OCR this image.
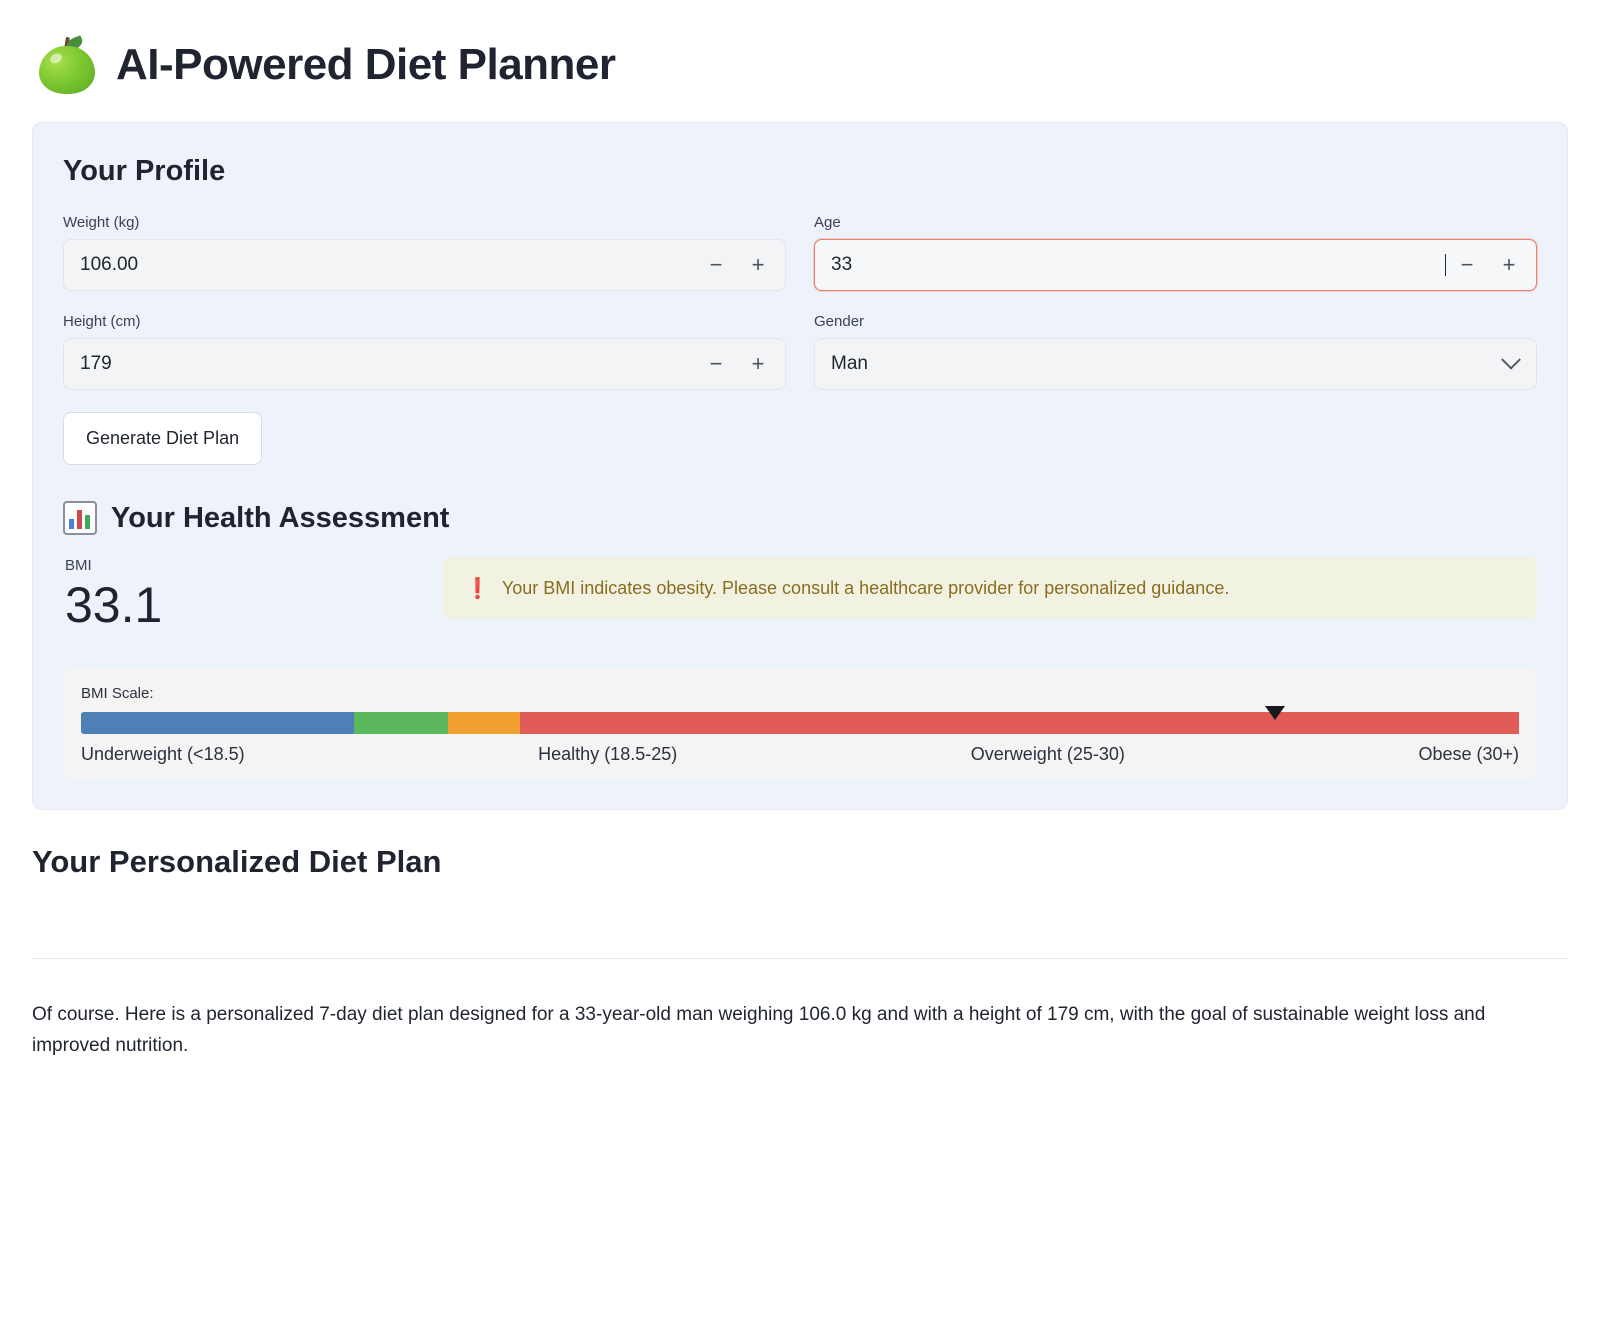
AI-Powered Diet Planner
Your Profile
Weight (kg)
106.00	−	+
Age
33	−	+
Height (cm)
179	−	+
Gender
Man
Generate Diet Plan
Your Health Assessment
BMI
33.1	❗ Your BMI indicates obesity. Please consult a healthcare provider for personalized guidance.
BMI Scale:
Underweight (<18.5)	Healthy (18.5-25)	Overweight (25-30)	Obese (30+)
Your Personalized Diet Plan

Of course. Here is a personalized 7-day diet plan designed for a 33-year-old man weighing 106.0 kg and with a height of 179 cm, with the goal of sustainable weight loss and improved nutrition.
